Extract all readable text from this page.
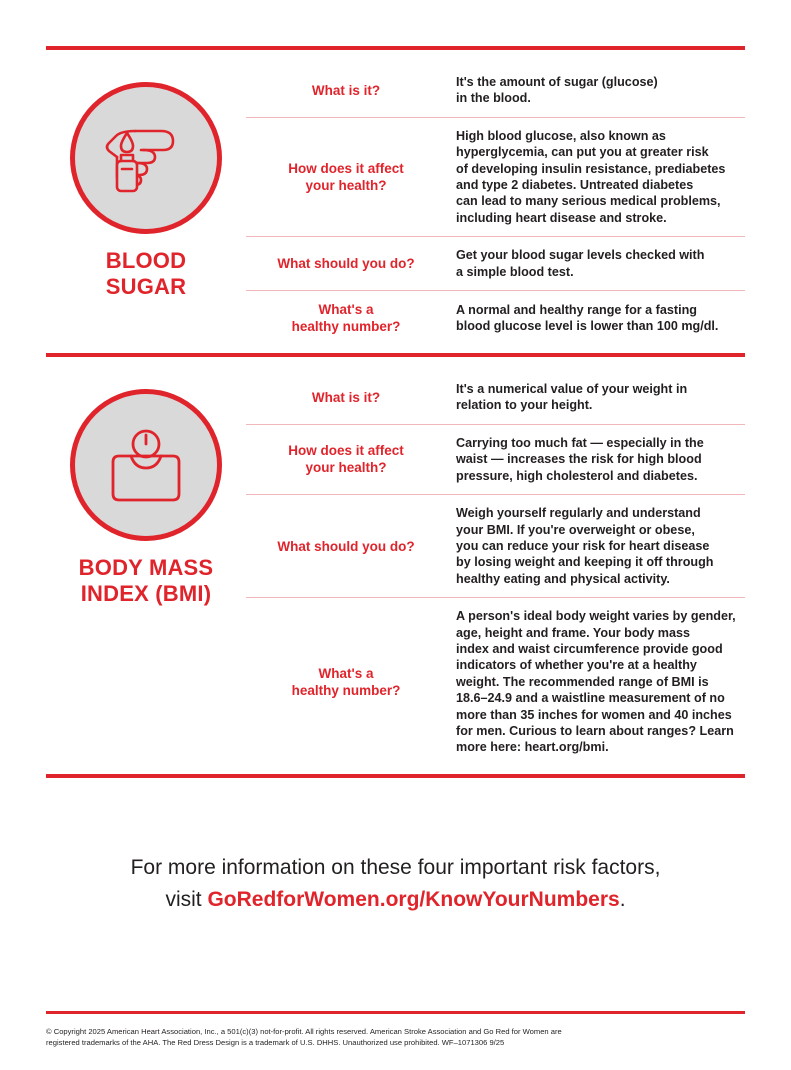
BLOOD
SUGAR
What is it?
It's the amount of sugar (glucose)
in the blood.
How does it affect
your health?
High blood glucose, also known as
hyperglycemia, can put you at greater risk
of developing insulin resistance, prediabetes
and type 2 diabetes. Untreated diabetes
can lead to many serious medical problems,
including heart disease and stroke.
What should you do?
Get your blood sugar levels checked with
a simple blood test.
What's a
healthy number?
A normal and healthy range for a fasting
blood glucose level is lower than 100 mg/dl.
BODY MASS
INDEX (BMI)
What is it?
It's a numerical value of your weight in
relation to your height.
How does it affect
your health?
Carrying too much fat — especially in the
waist — increases the risk for high blood
pressure, high cholesterol and diabetes.
What should you do?
Weigh yourself regularly and understand
your BMI. If you're overweight or obese,
you can reduce your risk for heart disease
by losing weight and keeping it off through
healthy eating and physical activity.
What's a
healthy number?
A person's ideal body weight varies by gender,
age, height and frame. Your body mass
index and waist circumference provide good
indicators of whether you're at a healthy
weight. The recommended range of BMI is
18.6–24.9 and a waistline measurement of no
more than 35 inches for women and 40 inches
for men. Curious to learn about ranges? Learn
more here: heart.org/bmi.
For more information on these four important risk factors,
visit GoRedforWomen.org/KnowYourNumbers.
© Copyright 2025 American Heart Association, Inc., a 501(c)(3) not-for-profit. All rights reserved. American Stroke Association and Go Red for Women are
registered trademarks of the AHA. The Red Dress Design is a trademark of U.S. DHHS. Unauthorized use prohibited. WF–1071306 9/25
